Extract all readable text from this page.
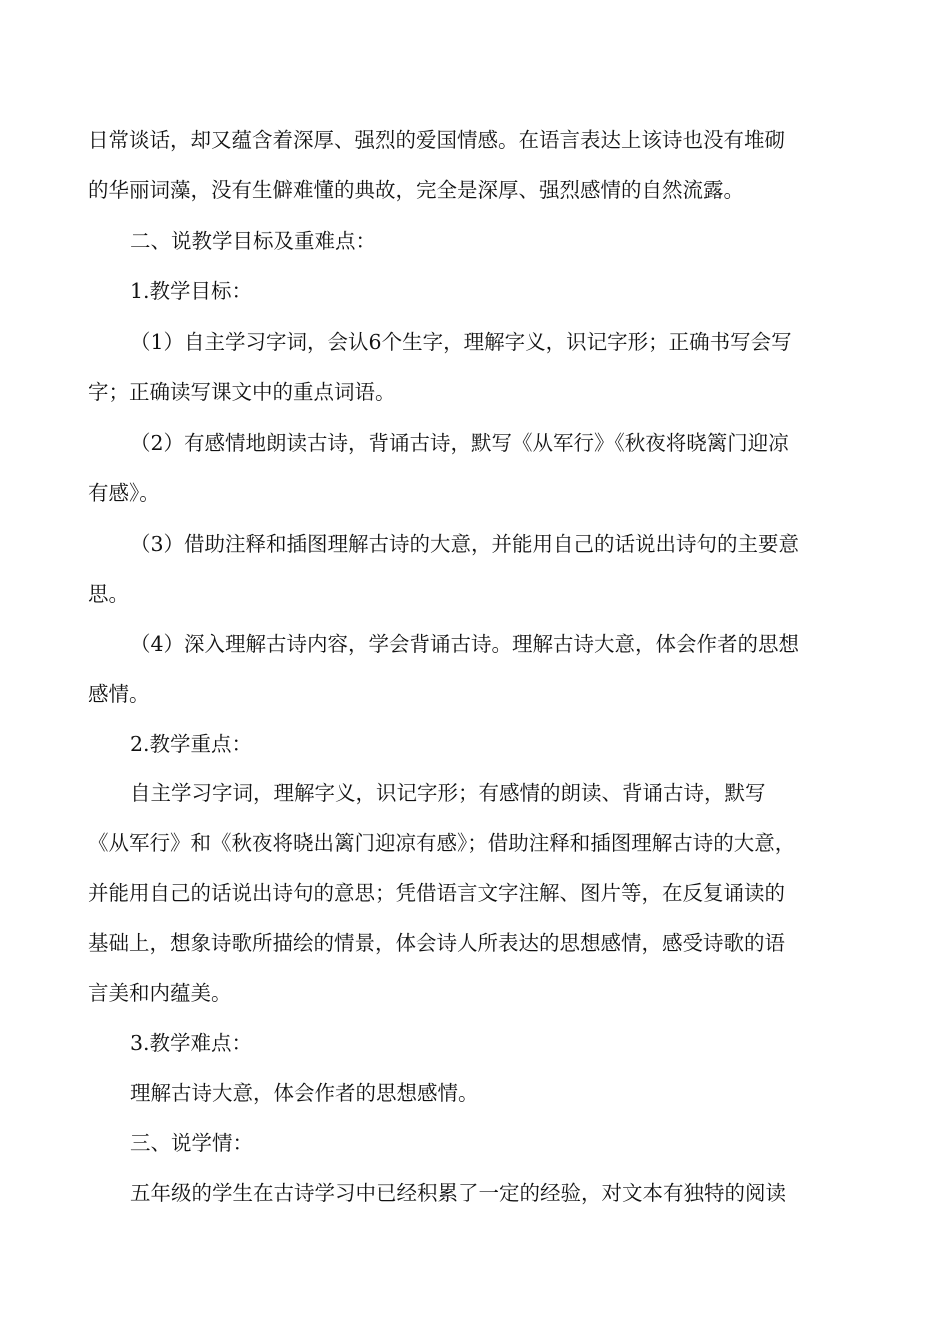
日常谈话，却又蕴含着深厚、强烈的爱国情感。在语言表达上该诗也没有堆砌

的华丽词藻，没有生僻难懂的典故，完全是深厚、强烈感情的自然流露。

二、说教学目标及重难点：

1.教学目标：

（1）自主学习字词，会认6个生字，理解字义，识记字形；正确书写会写

字；正确读写课文中的重点词语。

（2）有感情地朗读古诗，背诵古诗，默写《从军行》《秋夜将晓篱门迎凉

有感》。

（3）借助注释和插图理解古诗的大意，并能用自己的话说出诗句的主要意

思。

（4）深入理解古诗内容，学会背诵古诗。理解古诗大意，体会作者的思想

感情。

2.教学重点：

自主学习字词，理解字义，识记字形；有感情的朗读、背诵古诗，默写

《从军行》和《秋夜将晓出篱门迎凉有感》；借助注释和插图理解古诗的大意，

并能用自己的话说出诗句的意思；凭借语言文字注解、图片等，在反复诵读的

基础上，想象诗歌所描绘的情景，体会诗人所表达的思想感情，感受诗歌的语

言美和内蕴美。

3.教学难点：

理解古诗大意，体会作者的思想感情。

三、说学情：

五年级的学生在古诗学习中已经积累了一定的经验，对文本有独特的阅读
